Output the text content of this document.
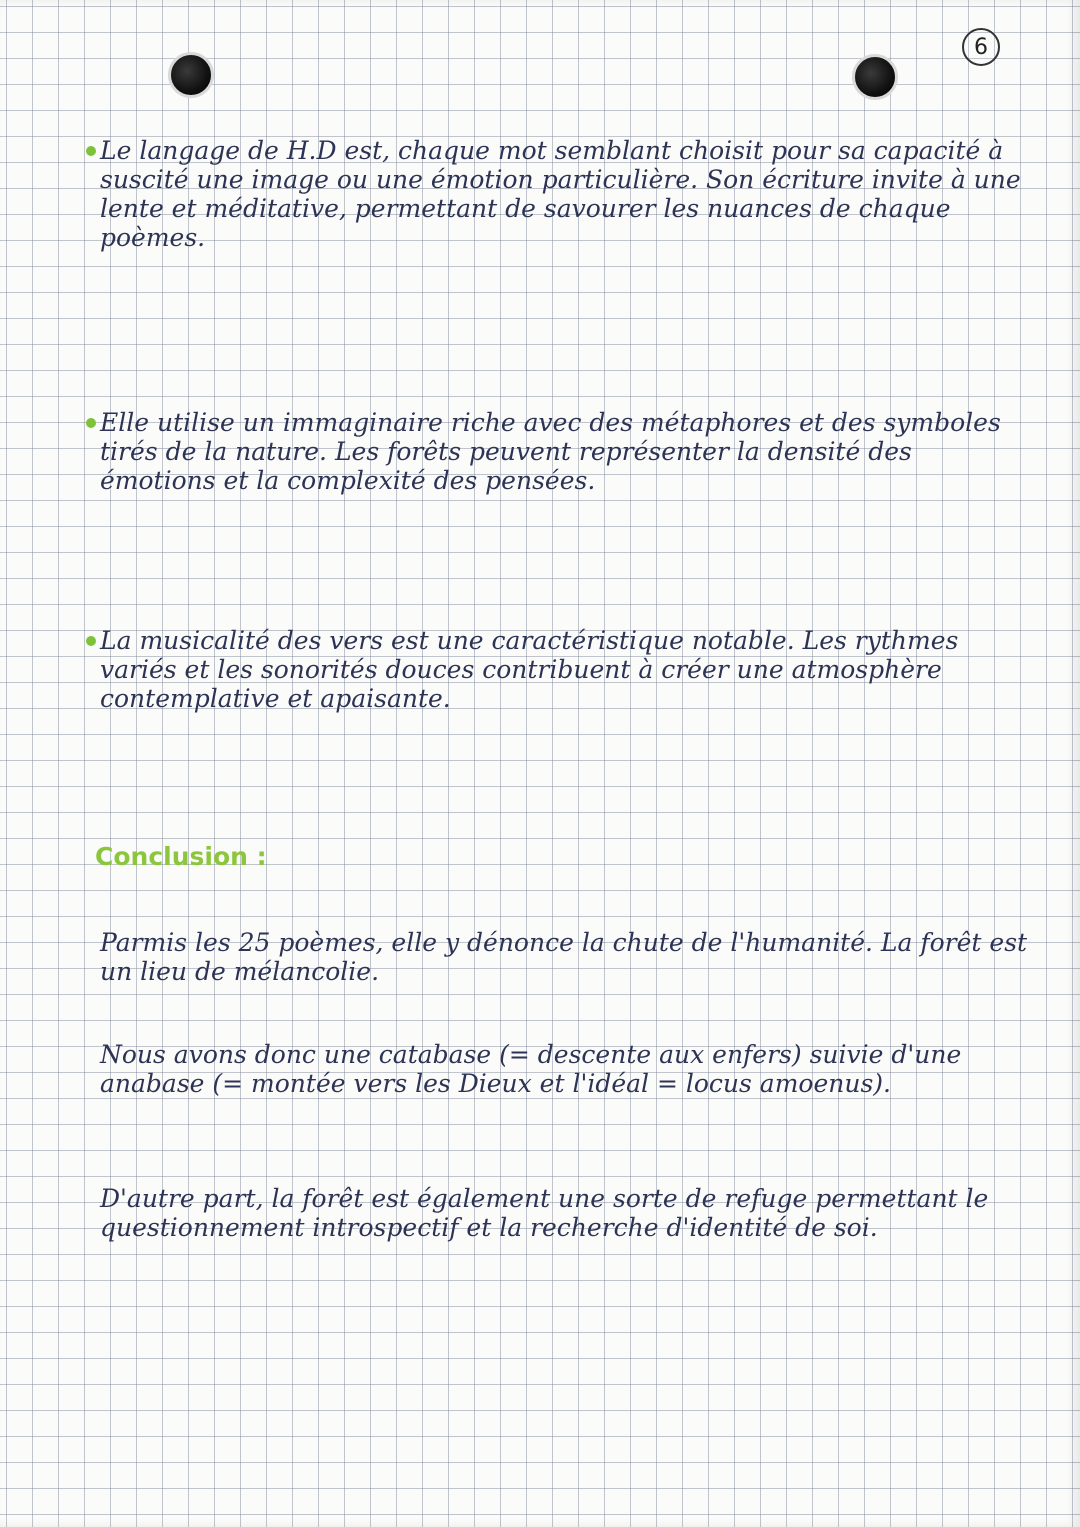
6

Le langage de H.D est, chaque mot semblant choisit pour sa capacité à suscité une image ou une émotion particulière. Son écriture invite à une lente et méditative, permettant de savourer les nuances de chaque poèmes.

Elle utilise un immaginaire riche avec des métaphores et des symboles tirés de la nature. Les forêts peuvent représenter la densité des émotions et la complexité des pensées.

La musicalité des vers est une caractéristique notable. Les rythmes variés et les sonorités douces contribuent à créer une atmosphère contemplative et apaisante.

Conclusion :

Parmis les 25 poèmes, elle y dénonce la chute de l'humanité. La forêt est un lieu de mélancolie.

Nous avons donc une catabase (= descente aux enfers) suivie d'une anabase (= montée vers les Dieux et l'idéal = locus amoenus).

D'autre part, la forêt est également une sorte de refuge permettant le questionnement introspectif et la recherche d'identité de soi.
